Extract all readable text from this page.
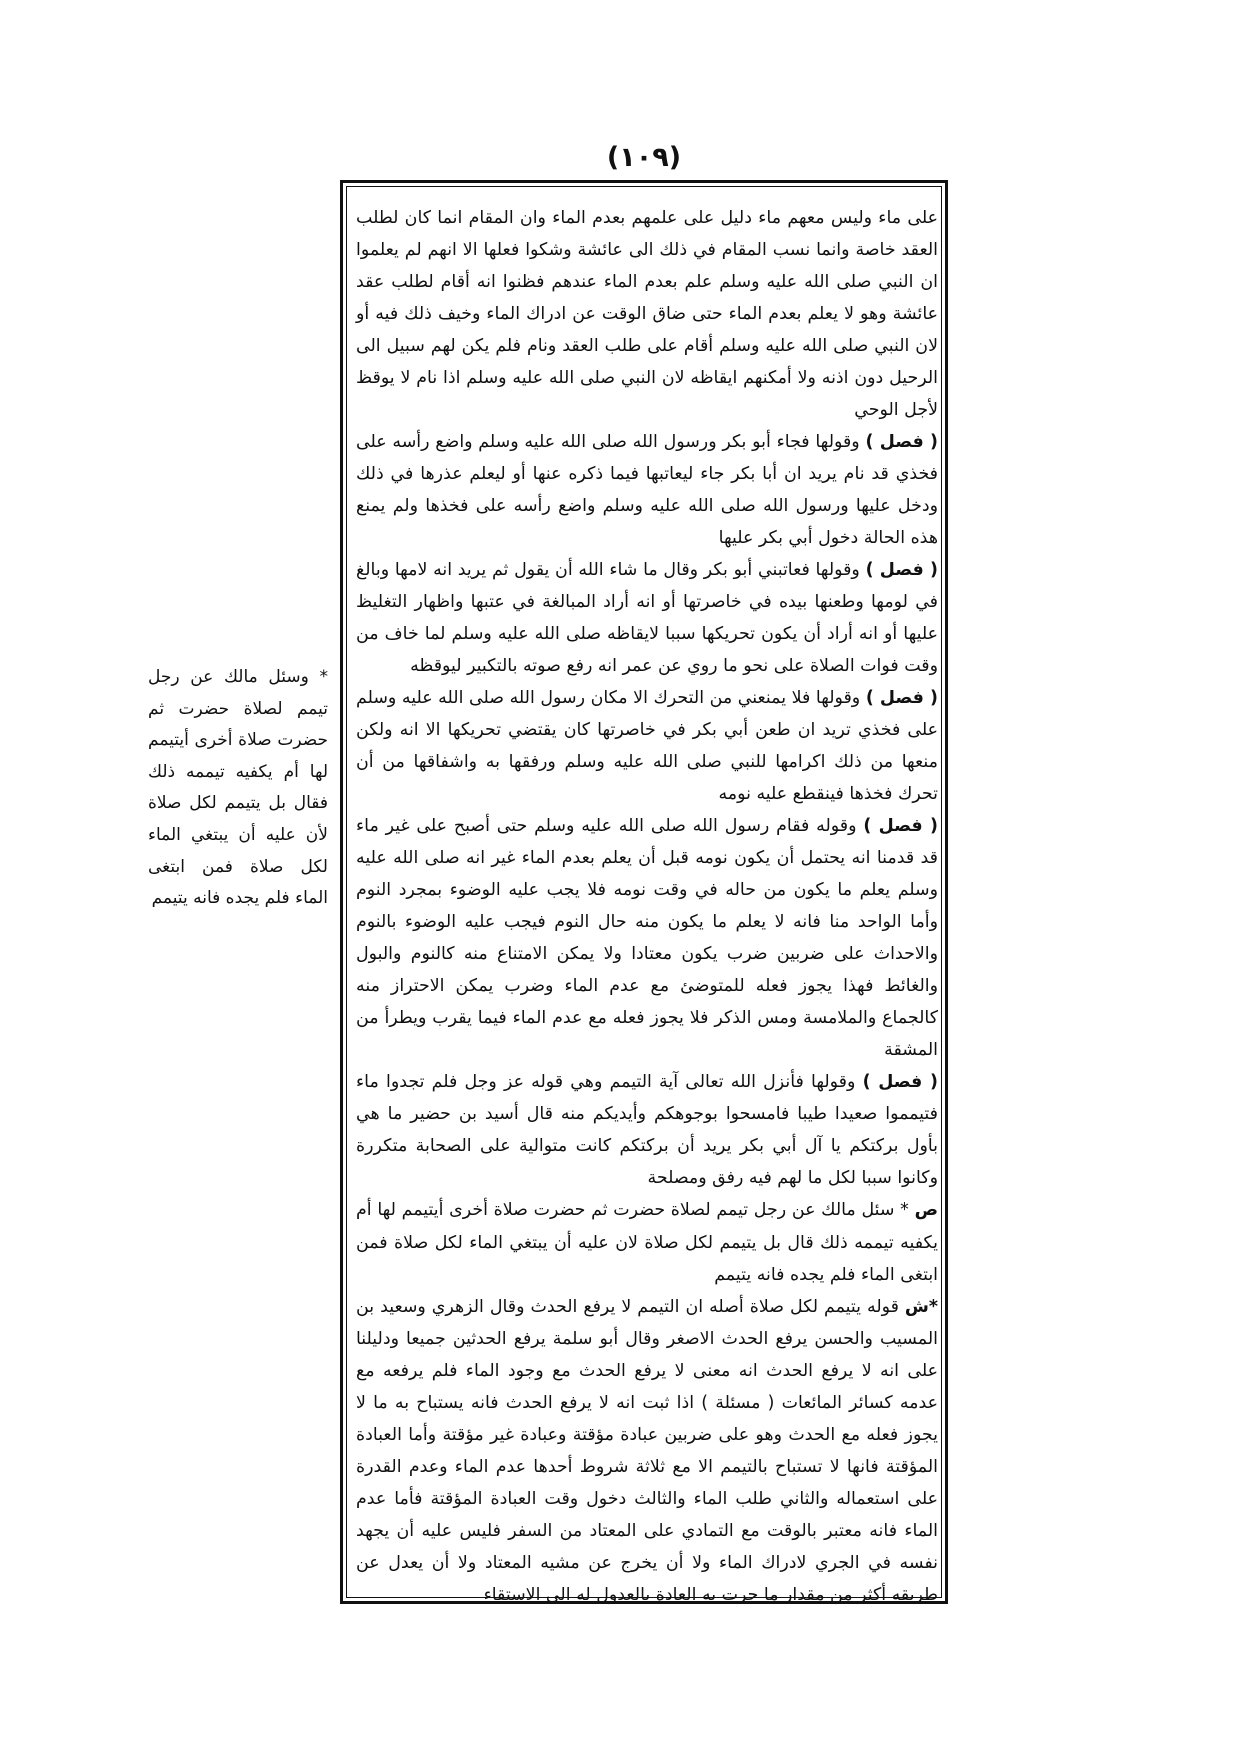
(١٠٩)

على ماء وليس معهم ماء دليل على علمهم بعدم الماء وان المقام انما كان لطلب العقد خاصة وانما نسب المقام في ذلك الى عائشة وشكوا فعلها الا انهم لم يعلموا ان النبي صلى الله عليه وسلم علم بعدم الماء عندهم فظنوا انه أقام لطلب عقد عائشة وهو لا يعلم بعدم الماء حتى ضاق الوقت عن ادراك الماء وخيف ذلك فيه أو لان النبي صلى الله عليه وسلم أقام على طلب العقد ونام فلم يكن لهم سبيل الى الرحيل دون اذنه ولا أمكنهم ايقاظه لان النبي صلى الله عليه وسلم اذا نام لا يوقظ لأجل الوحي

( فصل ) وقولها فجاء أبو بكر ورسول الله صلى الله عليه وسلم واضع رأسه على فخذي قد نام يريد ان أبا بكر جاء ليعاتبها فيما ذكره عنها أو ليعلم عذرها في ذلك ودخل عليها ورسول الله صلى الله عليه وسلم واضع رأسه على فخذها ولم يمنع هذه الحالة دخول أبي بكر عليها

( فصل ) وقولها فعاتبني أبو بكر وقال ما شاء الله أن يقول ثم يريد انه لامها وبالغ في لومها وطعنها بيده في خاصرتها أو انه أراد المبالغة في عتبها واظهار التغليظ عليها أو انه أراد أن يكون تحريكها سببا لايقاظه صلى الله عليه وسلم لما خاف من وقت فوات الصلاة على نحو ما روي عن عمر انه رفع صوته بالتكبير ليوقظه

( فصل ) وقولها فلا يمنعني من التحرك الا مكان رسول الله صلى الله عليه وسلم على فخذي تريد ان طعن أبي بكر في خاصرتها كان يقتضي تحريكها الا انه ولكن منعها من ذلك اكرامها للنبي صلى الله عليه وسلم ورفقها به واشفاقها من أن تحرك فخذها فينقطع عليه نومه

( فصل ) وقوله فقام رسول الله صلى الله عليه وسلم حتى أصبح على غير ماء قد قدمنا انه يحتمل أن يكون نومه قبل أن يعلم بعدم الماء غير انه صلى الله عليه وسلم يعلم ما يكون من حاله في وقت نومه فلا يجب عليه الوضوء بمجرد النوم وأما الواحد منا فانه لا يعلم ما يكون منه حال النوم فيجب عليه الوضوء بالنوم والاحداث على ضربين ضرب يكون معتادا ولا يمكن الامتناع منه كالنوم والبول والغائط فهذا يجوز فعله للمتوضئ مع عدم الماء وضرب يمكن الاحتراز منه كالجماع والملامسة ومس الذكر فلا يجوز فعله مع عدم الماء فيما يقرب ويطرأ من المشقة

( فصل ) وقولها فأنزل الله تعالى آية التيمم وهي قوله عز وجل فلم تجدوا ماء فتيمموا صعيدا طيبا فامسحوا بوجوهكم وأيديكم منه قال أسيد بن حضير ما هي بأول بركتكم يا آل أبي بكر يريد أن بركتكم كانت متوالية على الصحابة متكررة وكانوا سببا لكل ما لهم فيه رفق ومصلحة

ص * سئل مالك عن رجل تيمم لصلاة حضرت ثم حضرت صلاة أخرى أيتيمم لها أم يكفيه تيممه ذلك قال بل يتيمم لكل صلاة لان عليه أن يبتغي الماء لكل صلاة فمن ابتغى الماء فلم يجده فانه يتيمم

*ش قوله يتيمم لكل صلاة أصله ان التيمم لا يرفع الحدث وقال الزهري وسعيد بن المسيب والحسن يرفع الحدث الاصغر وقال أبو سلمة يرفع الحدثين جميعا ودليلنا على انه لا يرفع الحدث انه معنى لا يرفع الحدث مع وجود الماء فلم يرفعه مع عدمه كسائر المائعات ( مسئلة ) اذا ثبت انه لا يرفع الحدث فانه يستباح به ما لا يجوز فعله مع الحدث وهو على ضربين عبادة مؤقتة وعبادة غير مؤقتة وأما العبادة المؤقتة فانها لا تستباح بالتيمم الا مع ثلاثة شروط أحدها عدم الماء وعدم القدرة على استعماله والثاني طلب الماء والثالث دخول وقت العبادة المؤقتة فأما عدم الماء فانه معتبر بالوقت مع التمادي على المعتاد من السفر فليس عليه أن يجهد نفسه في الجري لادراك الماء ولا أن يخرج عن مشيه المعتاد ولا أن يعدل عن طريقه أكثر من مقدار ما جرت به العادة بالعدول له الى الاستقاء

* وسئل مالك عن رجل تيمم لصلاة حضرت ثم حضرت صلاة أخرى أيتيمم لها أم يكفيه تيممه ذلك فقال بل يتيمم لكل صلاة لأن عليه أن يبتغي الماء لكل صلاة فمن ابتغى الماء فلم يجده فانه يتيمم
